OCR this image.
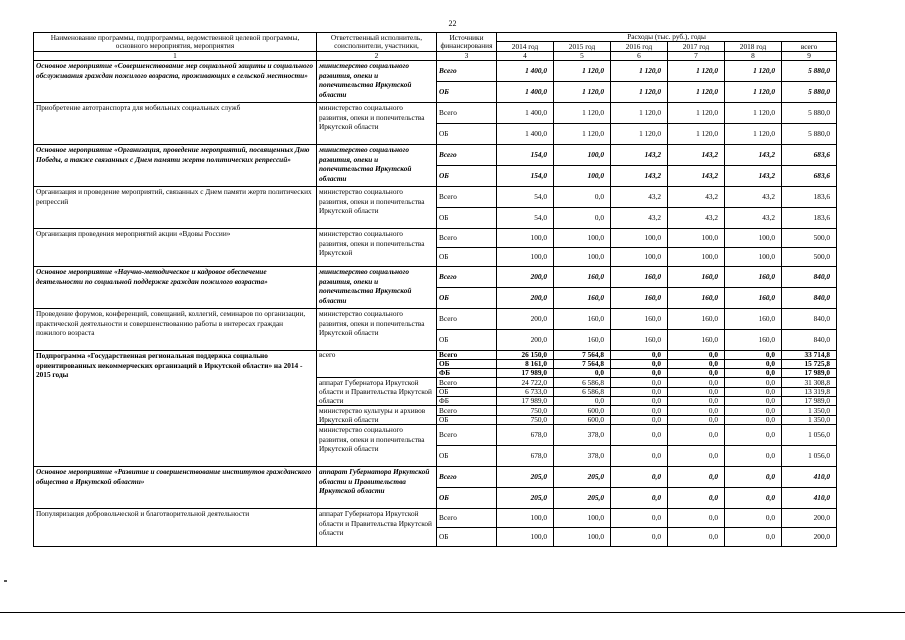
22
Наименование программы, подпрограммы, ведомственной целевой программы, основного мероприятия, мероприятия	Ответственный исполнитель, соисполнители, участники,	Источники финансирования	Расходы (тыс. руб.), годы					
			2014 год	2015 год	2016 год	2017 год	2018 год	всего
1	2	3	4	5	6	7	8	9
Основное мероприятие «Совершенствование мер социальной защиты и социального обслуживания граждан пожилого возраста, проживающих в сельской местности»	министерство социального развития, опеки и попечительства Иркутской области	Всего	1 400,0	1 120,0	1 120,0	1 120,0	1 120,0	5 880,0
		ОБ	1 400,0	1 120,0	1 120,0	1 120,0	1 120,0	5 880,0
Приобретение автотранспорта для мобильных социальных служб	министерство социального развития, опеки и попечительства Иркутской области	Всего	1 400,0	1 120,0	1 120,0	1 120,0	1 120,0	5 880,0
		ОБ	1 400,0	1 120,0	1 120,0	1 120,0	1 120,0	5 880,0
Основное мероприятие «Организация, проведение мероприятий, посвященных Дню Победы, а также связанных с Днем памяти жертв политических репрессий»	министерство социального развития, опеки и попечительства Иркутской области	Всего	154,0	100,0	143,2	143,2	143,2	683,6
		ОБ	154,0	100,0	143,2	143,2	143,2	683,6
Организация и проведение мероприятий, связанных с Днем памяти жертв политических репрессий	министерство социального развития, опеки и попечительства Иркутской области	Всего	54,0	0,0	43,2	43,2	43,2	183,6
		ОБ	54,0	0,0	43,2	43,2	43,2	183,6
Организация проведения мероприятий акции «Вдовы России»	министерство социального развития, опеки и попечительства Иркутской	Всего	100,0	100,0	100,0	100,0	100,0	500,0
		ОБ	100,0	100,0	100,0	100,0	100,0	500,0
Основное мероприятие «Научно-методическое и кадровое обеспечение деятельности по социальной поддержке граждан пожилого возраста»	министерство социального развития, опеки и попечительства Иркутской области	Всего	200,0	160,0	160,0	160,0	160,0	840,0
		ОБ	200,0	160,0	160,0	160,0	160,0	840,0
Проведение форумов, конференций, совещаний, коллегий, семинаров по организации, практической деятельности и совершенствованию работы в интересах граждан пожилого возраста	министерство социального развития, опеки и попечительства Иркутской области	Всего	200,0	160,0	160,0	160,0	160,0	840,0
		ОБ	200,0	160,0	160,0	160,0	160,0	840,0
Подпрограмма «Государственная региональная поддержка социально ориентированных некоммерческих организаций в Иркутской области» на 2014 - 2015 годы	всего	Всего	26 150,0	7 564,8	0,0	0,0	0,0	33 714,8
		ОБ	8 161,0	7 564,8	0,0	0,0	0,0	15 725,8
		ФБ	17 989,0	0,0	0,0	0,0	0,0	17 989,0
	аппарат Губернатора Иркутской области и Правительства Иркутской области	Всего	24 722,0	6 586,8	0,0	0,0	0,0	31 308,8
		ОБ	6 733,0	6 586,8	0,0	0,0	0,0	13 319,8
		ФБ	17 989,0	0,0	0,0	0,0	0,0	17 989,0
	министерство культуры и архивов Иркутской области	Всего	750,0	600,0	0,0	0,0	0,0	1 350,0
		ОБ	750,0	600,0	0,0	0,0	0,0	1 350,0
	министерство социального развития, опеки и попечительства Иркутской области	Всего	678,0	378,0	0,0	0,0	0,0	1 056,0
		ОБ	678,0	378,0	0,0	0,0	0,0	1 056,0
Основное мероприятие «Развитие и совершенствование институтов гражданского общества в Иркутской области»	аппарат Губернатора Иркутской области и Правительства Иркутской области	Всего	205,0	205,0	0,0	0,0	0,0	410,0
		ОБ	205,0	205,0	0,0	0,0	0,0	410,0
Популяризация добровольческой и благотворительной деятельности	аппарат Губернатора Иркутской области и Правительства Иркутской области	Всего	100,0	100,0	0,0	0,0	0,0	200,0
		ОБ	100,0	100,0	0,0	0,0	0,0	200,0
